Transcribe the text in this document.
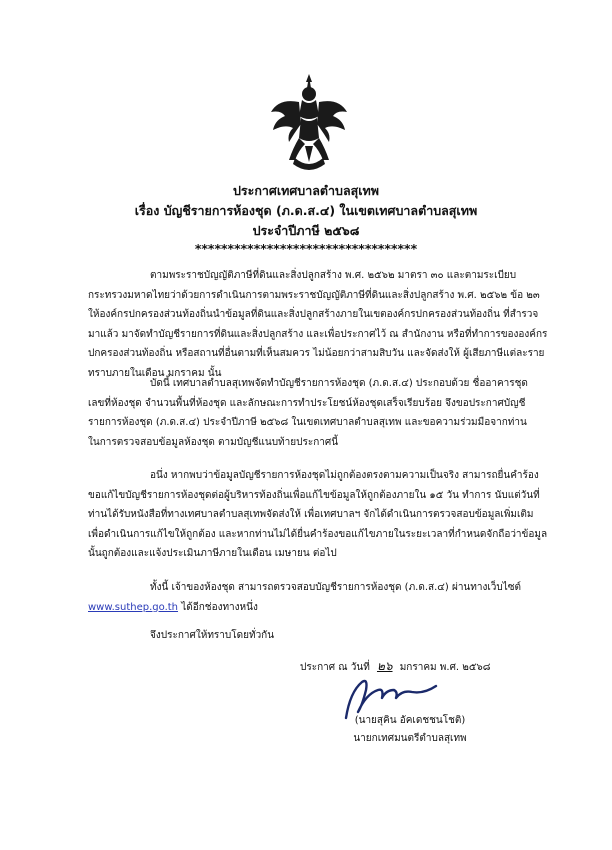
ประกาศเทศบาลตำบลสุเทพ
เรื่อง บัญชีรายการห้องชุด (ภ.ด.ส.๔) ในเขตเทศบาลตำบลสุเทพ
ประจำปีภาษี ๒๕๖๘
**********************************
ตามพระราชบัญญัติภาษีที่ดินและสิ่งปลูกสร้าง พ.ศ. ๒๕๖๒ มาตรา ๓๐ และตามระเบียบ
กระทรวงมหาดไทยว่าด้วยการดำเนินการตามพระราชบัญญัติภาษีที่ดินและสิ่งปลูกสร้าง พ.ศ. ๒๕๖๒ ข้อ ๒๓
ให้องค์กรปกครองส่วนท้องถิ่นนำข้อมูลที่ดินและสิ่งปลูกสร้างภายในเขตองค์กรปกครองส่วนท้องถิ่น ที่สำรวจ
มาแล้ว มาจัดทำบัญชีรายการที่ดินและสิ่งปลูกสร้าง และเพื่อประกาศไว้ ณ สำนักงาน หรือที่ทำการขององค์กร
ปกครองส่วนท้องถิ่น หรือสถานที่อื่นตามที่เห็นสมควร ไม่น้อยกว่าสามสิบวัน และจัดส่งให้ ผู้เสียภาษีแต่ละราย
ทราบภายในเดือน มกราคม นั้น
บัดนี้ เทศบาลตำบลสุเทพจัดทำบัญชีรายการห้องชุด (ภ.ด.ส.๔) ประกอบด้วย ชื่ออาคารชุด
เลขที่ห้องชุด จำนวนพื้นที่ห้องชุด และลักษณะการทำประโยชน์ห้องชุดเสร็จเรียบร้อย จึงขอประกาศบัญชี
รายการห้องชุด (ภ.ด.ส.๔) ประจำปีภาษี ๒๕๖๘ ในเขตเทศบาลตำบลสุเทพ และขอความร่วมมือจากท่าน
ในการตรวจสอบข้อมูลห้องชุด ตามบัญชีแนบท้ายประกาศนี้
อนึ่ง หากพบว่าข้อมูลบัญชีรายการห้องชุดไม่ถูกต้องตรงตามความเป็นจริง สามารถยื่นคำร้อง
ขอแก้ไขบัญชีรายการห้องชุดต่อผู้บริหารท้องถิ่นเพื่อแก้ไขข้อมูลให้ถูกต้องภายใน ๑๕ วัน ทำการ นับแต่วันที่
ท่านได้รับหนังสือที่ทางเทศบาลตำบลสุเทพจัดส่งให้ เพื่อเทศบาลฯ จักได้ดำเนินการตรวจสอบข้อมูลเพิ่มเติม
เพื่อดำเนินการแก้ไขให้ถูกต้อง และหากท่านไม่ได้ยื่นคำร้องขอแก้ไขภายในระยะเวลาที่กำหนดจักถือว่าข้อมูล
นั้นถูกต้องและแจ้งประเมินภาษีภายในเดือน เมษายน ต่อไป
ทั้งนี้ เจ้าของห้องชุด สามารถตรวจสอบบัญชีรายการห้องชุด (ภ.ด.ส.๔) ผ่านทางเว็บไซต์
www.suthep.go.th ได้อีกช่องทางหนึ่ง
จึงประกาศให้ทราบโดยทั่วกัน
ประกาศ ณ วันที่ ๒๖ มกราคม พ.ศ. ๒๕๖๘
(นายสุคิน อัคเดชชนโชติ)
นายกเทศมนตรีตำบลสุเทพ
